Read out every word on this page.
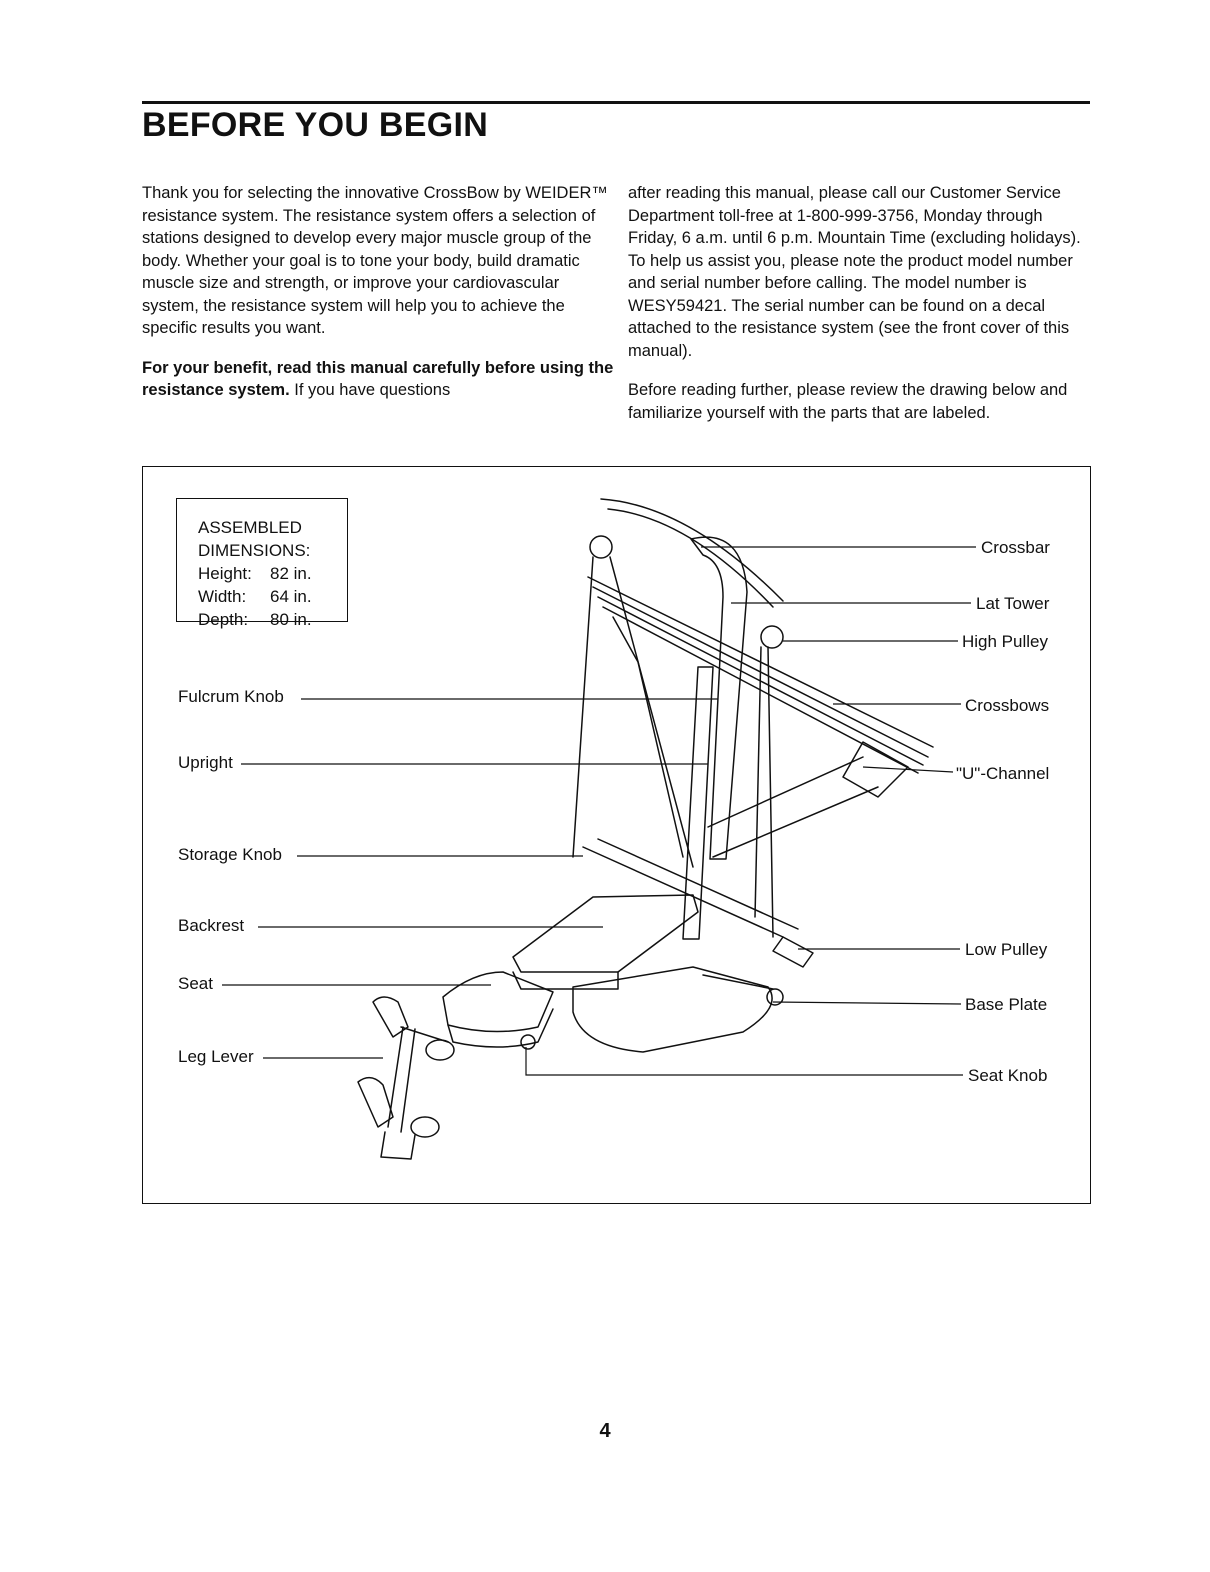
BEFORE YOU BEGIN

Thank you for selecting the innovative CrossBow by WEIDER™ resistance system. The resistance system offers a selection of stations designed to develop every major muscle group of the body. Whether your goal is to tone your body, build dramatic muscle size and strength, or improve your cardiovascular system, the resistance system will help you to achieve the specific results you want.

For your benefit, read this manual carefully before using the resistance system. If you have questions

after reading this manual, please call our Customer Service Department toll-free at 1-800-999-3756, Monday through Friday, 6 a.m. until 6 p.m. Mountain Time (excluding holidays). To help us assist you, please note the product model number and serial number before calling. The model number is WESY59421. The serial number can be found on a decal attached to the resistance system (see the front cover of this manual).

Before reading further, please review the drawing below and familiarize yourself with the parts that are labeled.

ASSEMBLED
DIMENSIONS:
Height: 82 in.
Width: 64 in.
Depth: 80 in.
Fulcrum Knob
Upright
Storage Knob
Backrest
Seat
Leg Lever
Crossbar
Lat Tower
High Pulley
Crossbows
"U"-Channel
Low Pulley
Base Plate
Seat Knob
4
